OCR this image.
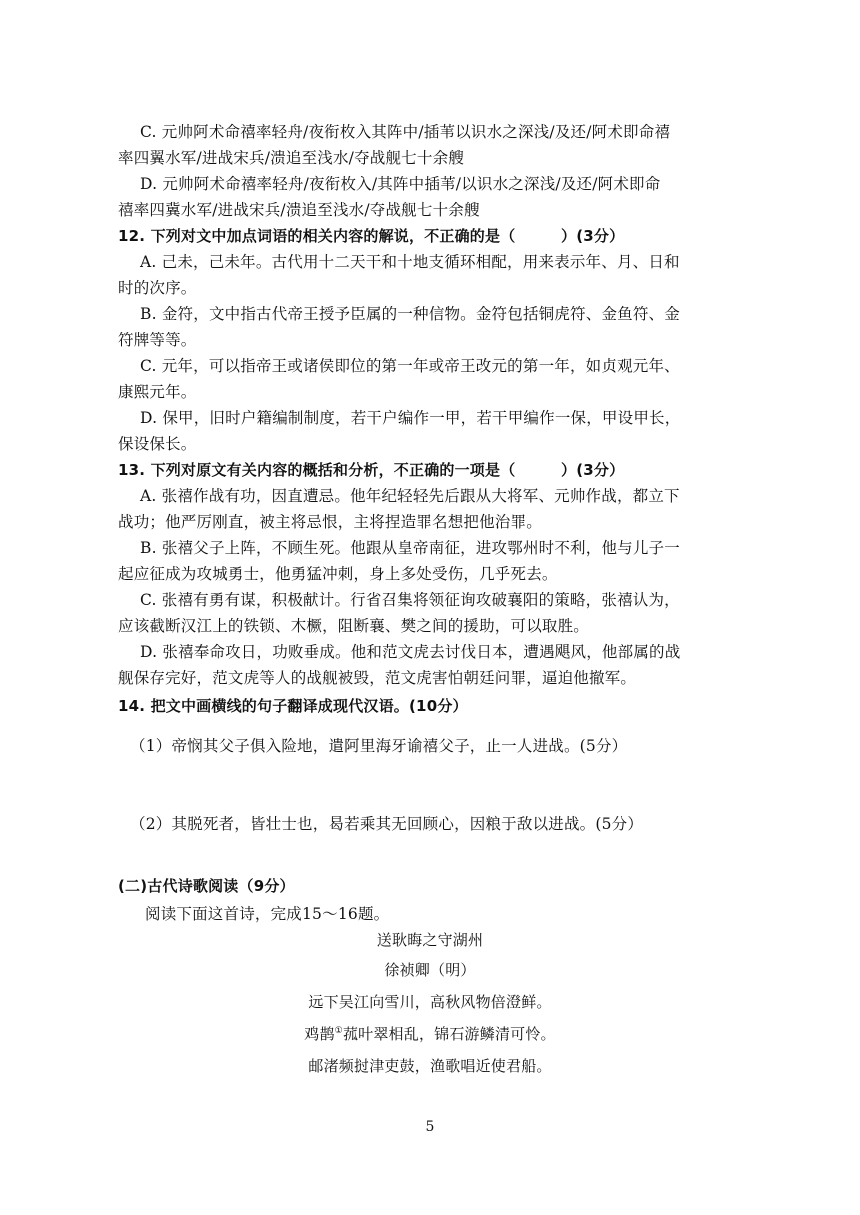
C. 元帅阿术命禧率轻舟/夜衔枚入其阵中/插苇以识水之深浅/及还/阿术即命禧
率四翼水军/进战宋兵/溃追至浅水/夺战舰七十余艘
D. 元帅阿术命禧率轻舟/夜衔枚入/其阵中插苇/以识水之深浅/及还/阿术即命
禧率四冀水军/进战宋兵/溃追至浅水/夺战舰七十余艘
12. 下列对文中加点词语的相关内容的解说，不正确的是（　　　）(3分）
A. 己未，己未年。古代用十二天干和十地支循环相配，用来表示年、月、日和
时的次序。
B. 金符，文中指古代帝王授予臣属的一种信物。金符包括铜虎符、金鱼符、金
符牌等等。
C. 元年，可以指帝王或诸侯即位的第一年或帝王改元的第一年，如贞观元年、
康熙元年。
D. 保甲，旧时户籍编制制度，若干户编作一甲，若干甲编作一保，甲设甲长，
保设保长。
13. 下列对原文有关内容的概括和分析，不正确的一项是（　　　）(3分）
A. 张禧作战有功，因直遭忌。他年纪轻轻先后跟从大将军、元帅作战，都立下
战功；他严厉刚直，被主将忌恨，主将捏造罪名想把他治罪。
B. 张禧父子上阵，不顾生死。他跟从皇帝南征，进攻鄂州时不利，他与儿子一
起应征成为攻城勇士，他勇猛冲刺，身上多处受伤，几乎死去。
C. 张禧有勇有谋，积极献计。行省召集将领征询攻破襄阳的策略，张禧认为，
应该截断汉江上的铁锁、木橛，阻断襄、樊之间的援助，可以取胜。
D. 张禧奉命攻日，功败垂成。他和范文虎去讨伐日本，遭遇飓风，他部属的战
舰保存完好，范文虎等人的战舰被毁，范文虎害怕朝廷问罪，逼迫他撤军。
14. 把文中画横线的句子翻译成现代汉语。(10分）
（1）帝悯其父子俱入险地，遣阿里海牙谕禧父子，止一人进战。(5分）
（2）其脱死者，皆壮士也，曷若乘其无回顾心，因粮于敌以进战。(5分）
(二)古代诗歌阅读（9分）
阅读下面这首诗，完成15～16题。
送耿晦之守湖州
徐祯卿（明）
远下吴江向雪川，高秋风物倍澄鲜。
鸡鹊①菰叶翠相乱，锦石游鳞清可怜。
邮渚频挝津吏鼓，渔歌唱近使君船。
5
